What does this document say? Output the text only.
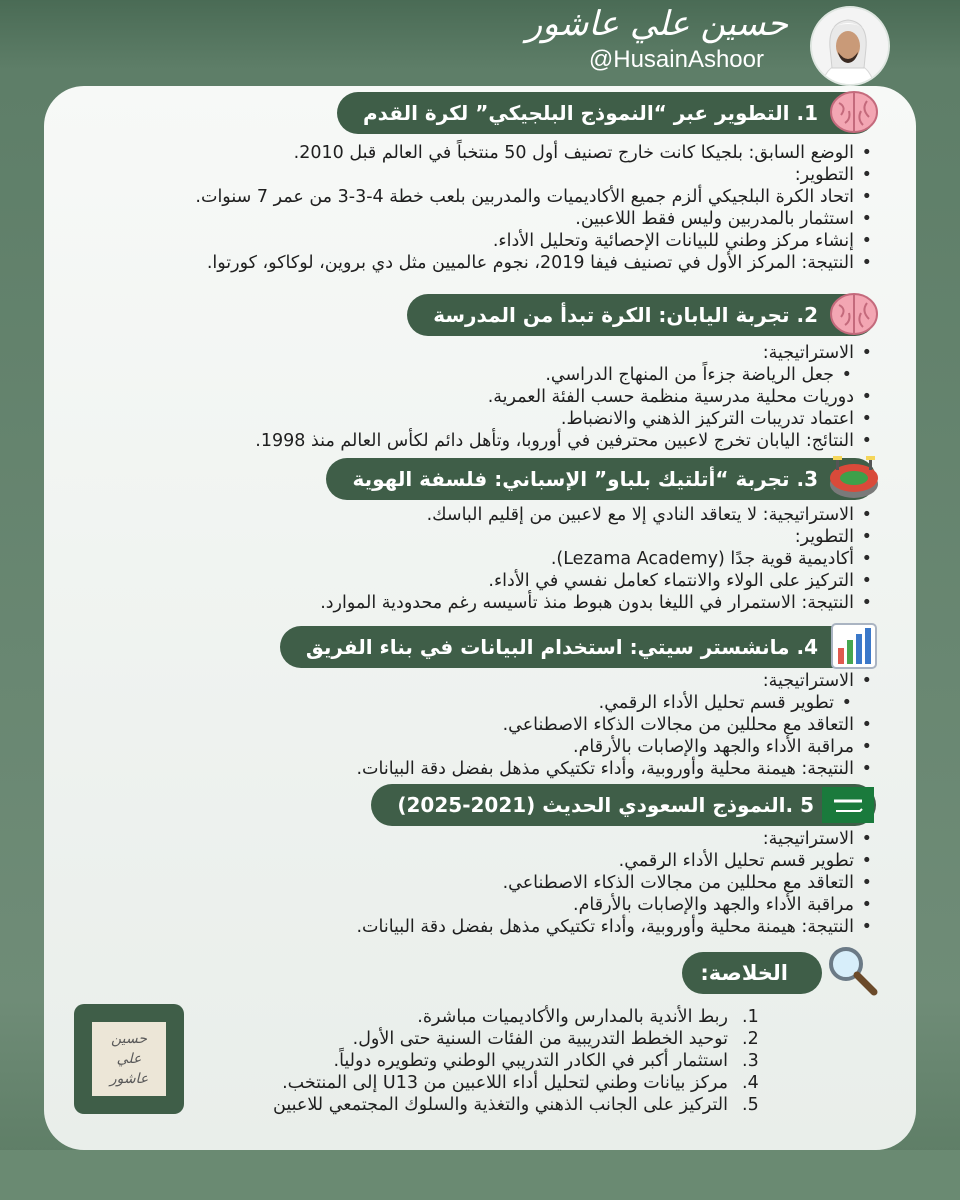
حسين علي عاشور
@HusainAshoor
1. التطوير عبر “النموذج البلجيكي” لكرة القدم
• الوضع السابق: بلجيكا كانت خارج تصنيف أول 50 منتخباً في العالم قبل 2010.
• التطوير:
• اتحاد الكرة البلجيكي ألزم جميع الأكاديميات والمدربين بلعب خطة 4-3-3 من عمر 7 سنوات.
• استثمار بالمدربين وليس فقط اللاعبين.
• إنشاء مركز وطني للبيانات الإحصائية وتحليل الأداء.
• النتيجة: المركز الأول في تصنيف فيفا 2019، نجوم عالميين مثل دي بروين، لوكاكو، كورتوا.
2. تجربة اليابان: الكرة تبدأ من المدرسة
• الاستراتيجية:
• جعل الرياضة جزءاً من المنهاج الدراسي.
• دوريات محلية مدرسية منظمة حسب الفئة العمرية.
• اعتماد تدريبات التركيز الذهني والانضباط.
• النتائج: اليابان تخرج لاعبين محترفين في أوروبا، وتأهل دائم لكأس العالم منذ 1998.
3. تجربة “أتلتيك بلباو” الإسباني: فلسفة الهوية
• الاستراتيجية: لا يتعاقد النادي إلا مع لاعبين من إقليم الباسك.
• التطوير:
• أكاديمية قوية جدًا (Lezama Academy).
• التركيز على الولاء والانتماء كعامل نفسي في الأداء.
• النتيجة: الاستمرار في الليغا بدون هبوط منذ تأسيسه رغم محدودية الموارد.
4. مانشستر سيتي: استخدام البيانات في بناء الفريق
• الاستراتيجية:
• تطوير قسم تحليل الأداء الرقمي.
• التعاقد مع محللين من مجالات الذكاء الاصطناعي.
• مراقبة الأداء والجهد والإصابات بالأرقام.
• النتيجة: هيمنة محلية وأوروبية، وأداء تكتيكي مذهل بفضل دقة البيانات.
5 .النموذج السعودي الحديث (2021-2025)
• الاستراتيجية:
• تطوير قسم تحليل الأداء الرقمي.
• التعاقد مع محللين من مجالات الذكاء الاصطناعي.
• مراقبة الأداء والجهد والإصابات بالأرقام.
• النتيجة: هيمنة محلية وأوروبية، وأداء تكتيكي مذهل بفضل دقة البيانات.
الخلاصة:
1.
ربط الأندية بالمدارس والأكاديميات مباشرة.
2.
توحيد الخطط التدريبية من الفئات السنية حتى الأول.
3.
استثمار أكبر في الكادر التدريبي الوطني وتطويره دولياً.
4.
مركز بيانات وطني لتحليل أداء اللاعبين من U13 إلى المنتخب.
5.
التركيز على الجانب الذهني والتغذية والسلوك المجتمعي للاعبين
حسين
علي
عاشور
